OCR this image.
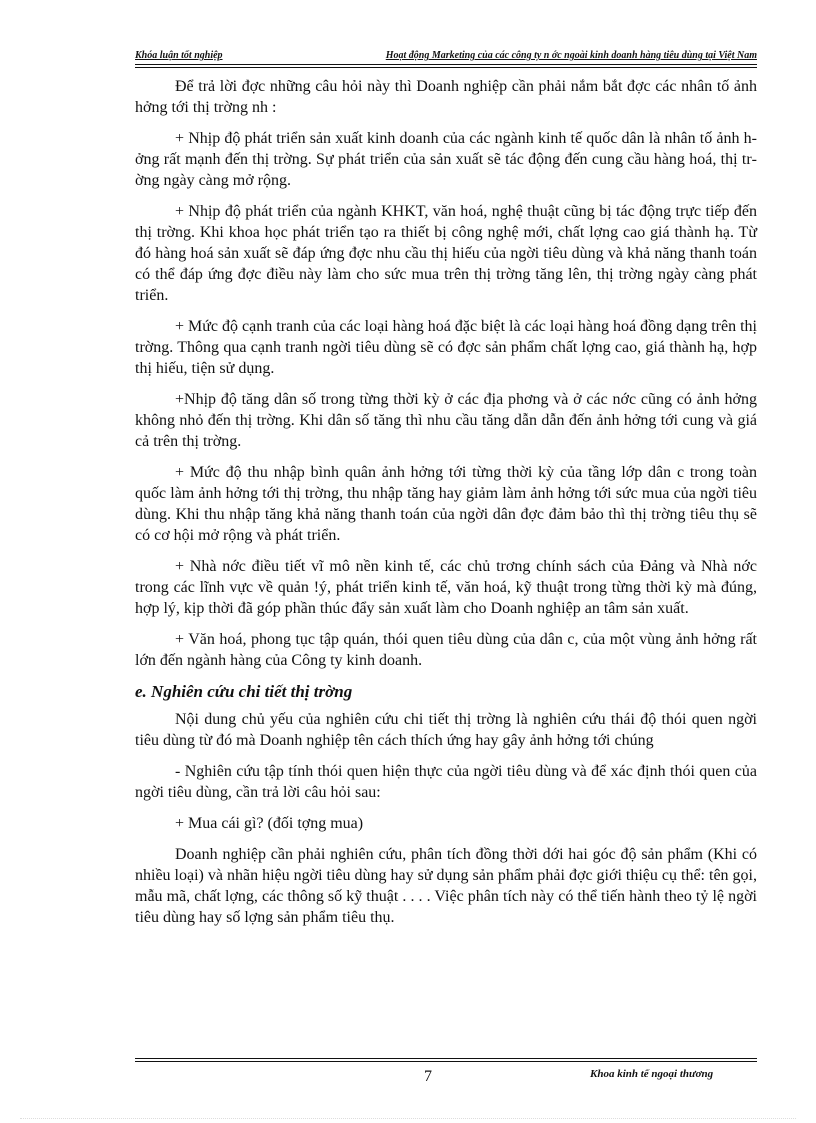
Khóa luận tốt nghiệp	Hoạt động Marketing của các công ty n ớc ngoài kinh doanh hàng tiêu dùng tại Việt Nam

Để trả lời đợc những câu hỏi này thì Doanh nghiệp cần phải nắm bắt đợc các nhân tố ảnh hởng tới thị trờng nh :

+ Nhịp độ phát triển sản xuất kinh doanh của các ngành kinh tế quốc dân là nhân tố ảnh hởng rất mạnh đến thị trờng. Sự phát triển của sản xuất sẽ tác động đến cung cầu hàng hoá, thị trờng ngày càng mở rộng.

+ Nhịp độ phát triển của ngành KHKT, văn hoá, nghệ thuật cũng bị tác động trực tiếp đến thị trờng. Khi khoa học phát triển tạo ra thiết bị công nghệ mới, chất lợng cao giá thành hạ. Từ đó hàng hoá sản xuất sẽ đáp ứng đợc nhu cầu thị hiếu của ngời tiêu dùng và khả năng thanh toán có thể đáp ứng đợc điều này làm cho sức mua trên thị trờng tăng lên, thị trờng ngày càng phát triển.

+ Mức độ cạnh tranh của các loại hàng hoá đặc biệt là các loại hàng hoá đồng dạng trên thị trờng. Thông qua cạnh tranh ngời tiêu dùng sẽ có đợc sản phẩm chất lợng cao, giá thành hạ, hợp thị hiếu, tiện sử dụng.

+Nhịp độ tăng dân số trong từng thời kỳ ở các địa phơng và ở các nớc cũng có ảnh hởng không nhỏ đến thị trờng. Khi dân số tăng thì nhu cầu tăng dẫn dẫn đến ảnh hởng tới cung và giá cả trên thị trờng.

+ Mức độ thu nhập bình quân ảnh hởng tới từng thời kỳ của tầng lớp dân c trong toàn quốc làm ảnh hởng tới thị trờng, thu nhập tăng hay giảm làm ảnh hởng tới sức mua của ngời tiêu dùng. Khi thu nhập tăng khả năng thanh toán của ngời dân đợc đảm bảo thì thị trờng tiêu thụ sẽ có cơ hội mở rộng và phát triển.

+ Nhà nớc điều tiết vĩ mô nền kinh tế, các chủ trơng chính sách của Đảng và Nhà nớc trong các lĩnh vực về quản !ý, phát triển kinh tế, văn hoá, kỹ thuật trong từng thời kỳ mà đúng, hợp lý, kịp thời đã góp phần thúc đẩy sản xuất làm cho Doanh nghiệp an tâm sản xuất.

+ Văn hoá, phong tục tập quán, thói quen tiêu dùng của dân c, của một vùng ảnh hởng rất lớn đến ngành hàng của Công ty kinh doanh.

e. Nghiên cứu chi tiết thị trờng

Nội dung chủ yếu của nghiên cứu chi tiết thị trờng là nghiên cứu thái độ thói quen ngời tiêu dùng từ đó mà Doanh nghiệp tên cách thích ứng hay gây ảnh hởng tới chúng

- Nghiên cứu tập tính thói quen hiện thực của ngời tiêu dùng và để xác định thói quen của ngời tiêu dùng, cần trả lời câu hỏi sau:

+ Mua cái gì? (đối tợng mua)

Doanh nghiệp cần phải nghiên cứu, phân tích đồng thời dới hai góc độ sản phẩm (Khi có nhiều loại) và nhãn hiệu ngời tiêu dùng hay sử dụng sản phẩm phải đợc giới thiệu cụ thể: tên gọi, mẫu mã, chất lợng, các thông số kỹ thuật . . . . Việc phân tích này có thể tiến hành theo tỷ lệ ngời tiêu dùng hay số lợng sản phẩm tiêu thụ.

7	Khoa kinh tế ngoại thương
